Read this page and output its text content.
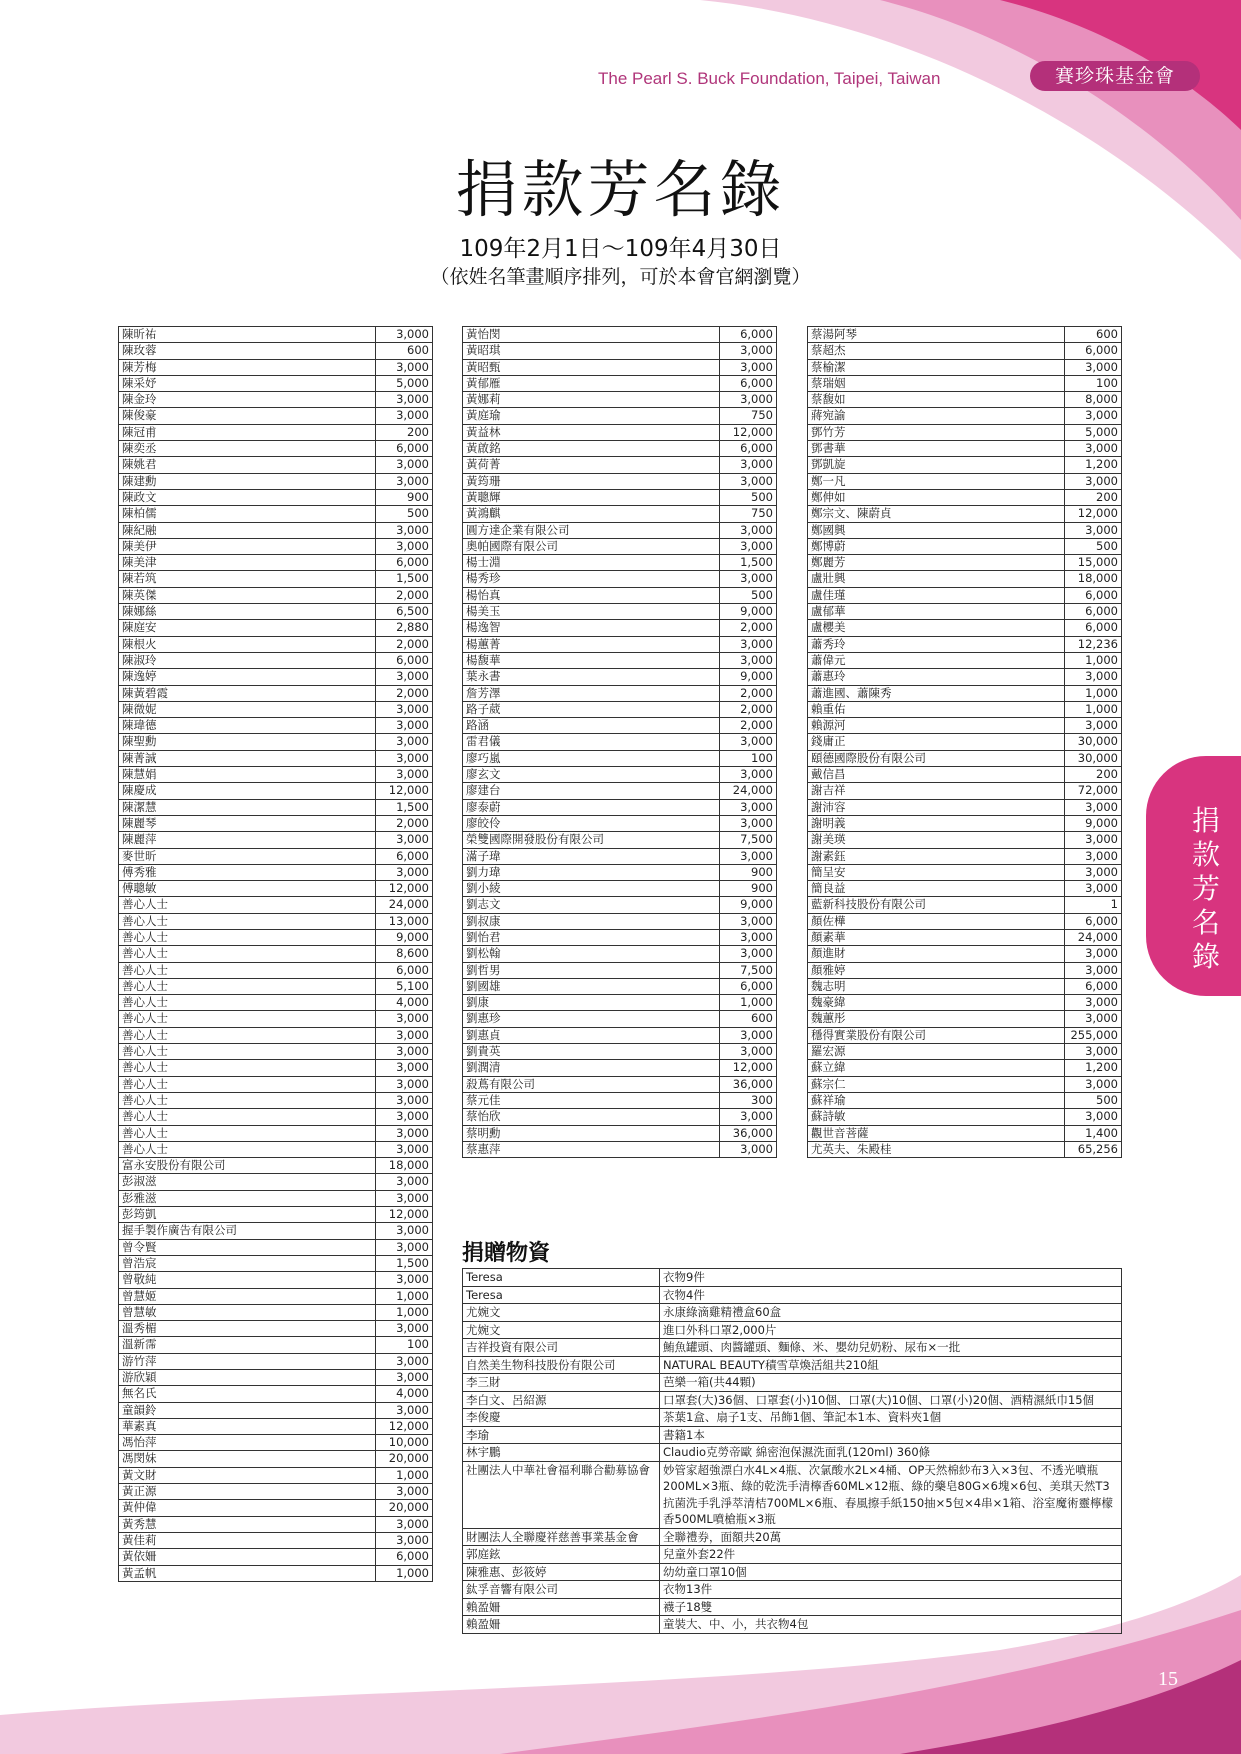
The Pearl S. Buck Foundation, Taipei, Taiwan	賽珍珠基金會
捐款芳名錄
捐款芳名錄
109年2月1日～109年4月30日
（依姓名筆畫順序排列，可於本會官網瀏覽）
陳昕祐	3,000
陳玫蓉	600
陳芳梅	3,000
陳采妤	5,000
陳金玲	3,000
陳俊豪	3,000
陳冠甫	200
陳奕丞	6,000
陳姚君	3,000
陳建勳	3,000
陳政文	900
陳柏儒	500
陳紀融	3,000
陳美伊	3,000
陳美津	6,000
陳若筑	1,500
陳英傑	2,000
陳娜絲	6,500
陳庭安	2,880
陳根火	2,000
陳淑玲	6,000
陳逸婷	3,000
陳黃碧霞	2,000
陳微妮	3,000
陳瑋德	3,000
陳聖勳	3,000
陳菁誠	3,000
陳慧娟	3,000
陳慶成	12,000
陳潔慧	1,500
陳麗琴	2,000
陳麗萍	3,000
麥世昕	6,000
傅秀雅	3,000
傅聰敏	12,000
善心人士	24,000
善心人士	13,000
善心人士	9,000
善心人士	8,600
善心人士	6,000
善心人士	5,100
善心人士	4,000
善心人士	3,000
善心人士	3,000
善心人士	3,000
善心人士	3,000
善心人士	3,000
善心人士	3,000
善心人士	3,000
善心人士	3,000
善心人士	3,000
富永安股份有限公司	18,000
彭淑滋	3,000
彭雅滋	3,000
彭筠凱	12,000
握手製作廣告有限公司	3,000
曾令賢	3,000
曾浩宸	1,500
曾敬純	3,000
曾慧姬	1,000
曾慧敏	1,000
溫秀楣	3,000
溫新霈	100
游竹萍	3,000
游欣穎	3,000
無名氏	4,000
童韻鈴	3,000
華素真	12,000
馮怡萍	10,000
馮閔妹	20,000
黃文財	1,000
黃正源	3,000
黃仲偉	20,000
黃秀慧	3,000
黃佳莉	3,000
黃依姍	6,000
黃孟帆	1,000
黃怡閔	6,000
黃昭琪	3,000
黃昭甄	3,000
黃郁雁	6,000
黃娜莉	3,000
黃庭瑜	750
黃益林	12,000
黃啟銘	6,000
黃荷菁	3,000
黃筠珊	3,000
黃聰輝	500
黃鴻麒	750
圓方達企業有限公司	3,000
奧帕國際有限公司	3,000
楊士淵	1,500
楊秀珍	3,000
楊怡真	500
楊美玉	9,000
楊逸智	2,000
楊蕙菁	3,000
楊馥華	3,000
葉永書	9,000
詹芳澤	2,000
路子葳	2,000
路涵	2,000
雷君儀	3,000
廖巧嵐	100
廖玄文	3,000
廖建台	24,000
廖泰蔚	3,000
廖皎伶	3,000
榮雙國際開發股份有限公司	7,500
滿子瑋	3,000
劉力瑋	900
劉小綾	900
劉志文	9,000
劉叔康	3,000
劉怡君	3,000
劉松翰	3,000
劉哲男	7,500
劉國雄	6,000
劉康	1,000
劉惠珍	600
劉惠貞	3,000
劉貴英	3,000
劉潤清	12,000
殺蔦有限公司	36,000
蔡元佳	300
蔡怡欣	3,000
蔡明勳	36,000
蔡惠萍	3,000
蔡湯阿琴	600
蔡超杰	6,000
蔡榆潔	3,000
蔡瑞姻	100
蔡馥如	8,000
蔣宛諭	3,000
鄧竹芳	5,000
鄧書華	3,000
鄧凱旋	1,200
鄭一凡	3,000
鄭伸如	200
鄭宗文、陳蔚貞	12,000
鄭國興	3,000
鄭博蔚	500
鄭麗芳	15,000
盧壯興	18,000
盧佳瑾	6,000
盧郁華	6,000
盧櫻美	6,000
蕭秀玲	12,236
蕭偉元	1,000
蕭惠玲	3,000
蕭進國、蕭陳秀	1,000
賴重佑	1,000
賴源河	3,000
錢庸正	30,000
頤德國際股份有限公司	30,000
戴信昌	200
謝吉祥	72,000
謝沛容	3,000
謝明義	9,000
謝美瑛	3,000
謝素鈺	3,000
簡呈安	3,000
簡良益	3,000
藍新科技股份有限公司	1
顏佐樺	6,000
顏素華	24,000
顏進財	3,000
顏雅婷	3,000
魏志明	6,000
魏豪緯	3,000
魏蕙彤	3,000
穩得實業股份有限公司	255,000
羅宏源	3,000
蘇立緯	1,200
蘇宗仁	3,000
蘇祥瑜	500
蘇詩敏	3,000
觀世音菩薩	1,400
尤英夫、朱殿桂	65,256
捐贈物資
Teresa	衣物9件
Teresa	衣物4件
尤婉文	永康綠滴雞精禮盒60盒
尤婉文	進口外科口罩2,000片
吉祥投資有限公司	鮪魚罐頭、肉醬罐頭、麵條、米、嬰幼兒奶粉、尿布×一批
自然美生物科技股份有限公司	NATURAL BEAUTY積雪草煥活組共210組
李三財	芭樂一箱(共44顆)
李白文、呂紹源	口罩套(大)36個、口罩套(小)10個、口罩(大)10個、口罩(小)20個、酒精濕紙巾15個
李俊慶	茶葉1盒、扇子1支、吊飾1個、筆記本1本、資料夾1個
李瑜	書籍1本
林宇鵬	Claudio克勞帝歐 綿密泡保濕洗面乳(120ml) 360條
社團法人中華社會福利聯合勸募協會	妙管家超強漂白水4L×4瓶、次氯酸水2L×4桶、OP天然棉紗布3入×3包、不透光噴瓶200ML×3瓶、綠的乾洗手清檸香60ML×12瓶、綠的藥皂80G×6塊×6包、美琪天然T3抗菌洗手乳淨萃清桔700ML×6瓶、春風擦手紙150抽×5包×4串×1箱、浴室魔術靈檸檬香500ML噴槍瓶×3瓶
財團法人全聯慶祥慈善事業基金會	全聯禮券，面額共20萬
郭庭鉉	兒童外套22件
陳雅惠、彭筱婷	幼幼童口罩10個
鈦孚音響有限公司	衣物13件
賴盈姍	襪子18雙
賴盈姍	童裝大、中、小，共衣物4包
15
